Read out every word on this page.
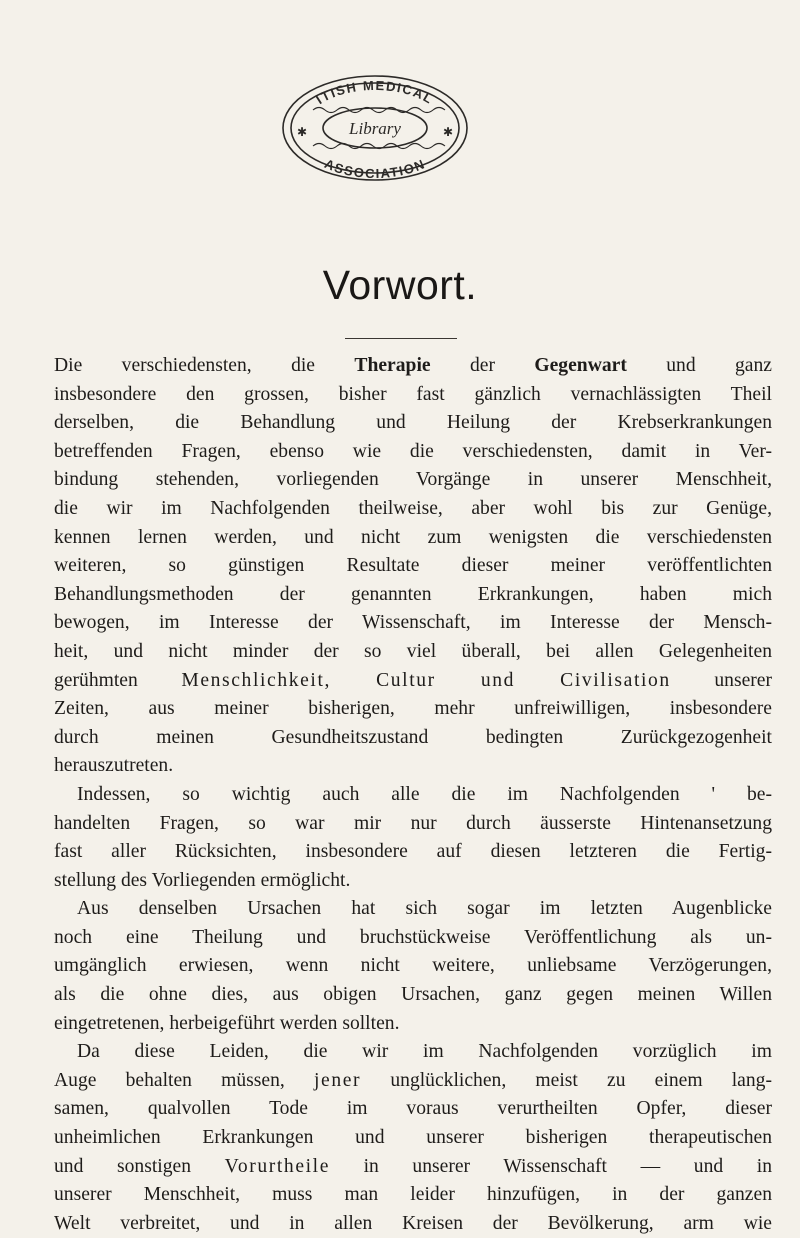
ITISH MEDICAL
ASSOCIATION
Library
✱	✱
Vorwort.
Die verschiedensten, die Therapie der Gegenwart und ganz
insbesondere den grossen, bisher fast gänzlich vernachlässigten Theil
derselben, die Behandlung und Heilung der Krebserkrankungen
betreffenden Fragen, ebenso wie die verschiedensten, damit in Ver-
bindung stehenden, vorliegenden Vorgänge in unserer Menschheit,
die wir im Nachfolgenden theilweise, aber wohl bis zur Genüge,
kennen lernen werden, und nicht zum wenigsten die verschiedensten
weiteren, so günstigen Resultate dieser meiner veröffentlichten
Behandlungsmethoden der genannten Erkrankungen, haben mich
bewogen, im Interesse der Wissenschaft, im Interesse der Mensch-
heit, und nicht minder der so viel überall, bei allen Gelegenheiten
gerühmten Menschlichkeit, Cultur und Civilisation unserer
Zeiten, aus meiner bisherigen, mehr unfreiwilligen, insbesondere
durch meinen Gesundheitszustand bedingten Zurückgezogenheit
herauszutreten.
Indessen, so wichtig auch alle die im Nachfolgenden ' be-
handelten Fragen, so war mir nur durch äusserste Hintenansetzung
fast aller Rücksichten, insbesondere auf diesen letzteren die Fertig-
stellung des Vorliegenden ermöglicht.
Aus denselben Ursachen hat sich sogar im letzten Augenblicke
noch eine Theilung und bruchstückweise Veröffentlichung als un-
umgänglich erwiesen, wenn nicht weitere, unliebsame Verzögerungen,
als die ohne dies, aus obigen Ursachen, ganz gegen meinen Willen
eingetretenen, herbeigeführt werden sollten.
Da diese Leiden, die wir im Nachfolgenden vorzüglich im
Auge behalten müssen, jener unglücklichen, meist zu einem lang-
samen, qualvollen Tode im voraus verurtheilten Opfer, dieser
unheimlichen Erkrankungen und unserer bisherigen therapeutischen
und sonstigen Vorurtheile in unserer Wissenschaft — und in
unserer Menschheit, muss man leider hinzufügen, in der ganzen
Welt verbreitet, und in allen Kreisen der Bevölkerung, arm wie
